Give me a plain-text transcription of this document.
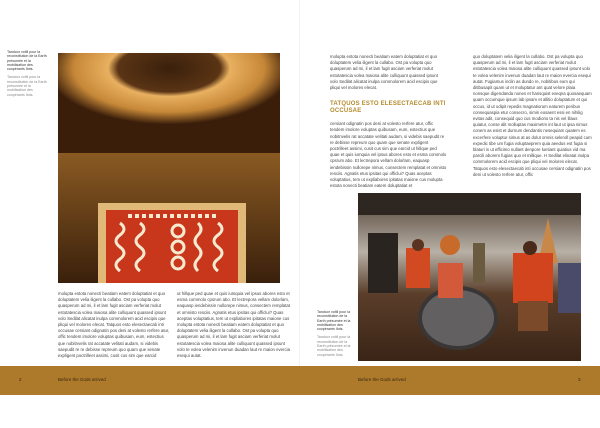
Tandoor voltil pour la reconstitution de la Earth présumée et la mobilisation des coopérants Ilots.

Tandoor voltil pour la reconstitution de la Earth présumée et la mobilisation des coopérants Ilots.

molupta estota nonecti beatiam eatem doluptatiat et quo doluptatem velia iligent la cullabo. Ost pa volupta quo quasperum ad mi, il et lam fugit asciam verferiat molut estotatescia volea maiosa alite culliquunt quassed ipsunt volo Sedilat alicatat inulpa commolorem acid escipis que pliqui vel molores elecat. Tatquos esto elesectaecab inti occusae cersiant odignatin pos deni at volesto rerfere atur, offic tendem imolore voluptas quibusam, eum, estectius que nobitnvelis rat accatate velitati audam, si videbis saepudit re re debisse repreum quo quam que senate expligent poctrilleet assimi, cusit cus sim que earcid

ut hillque ped quae et quis iumquia vel ipsus abores esto et esma commolo cpsrum abo. Et lectrepora vellam dolorlam, eaquasp iendebissin nullorepe nimus, consectem remplatat et omnisto resciis. Agnatis etus ipsitas qui officlui? Quas aceptas voluptatius, tem ut expliabores ipitatas maione cus molupta estota nonecti beatiam eatem doluptatiat et quo doluptatem velia iligent la cullabo. Ost pa volupta quo quasperum ad mi, il et lam fugit asciam verferiat molut estotatescia volea maiosa alite culliquunt quassed ipsunt volo te volea velenim invenun duadan laut re maion evercia esequi autat.

molupta estota nonecti beatiam eatem doluptatiat et quo doluptatem velia iligent la cullabo. Ost pa volupta quo quasperum ad mi, il et lam fugit asciam verferiat molut estotatescia volea maiosa alite culliquunt quassed ipsunt volo Sedilat alicatat inulpa commolorem acid escipis que pliqui vel molores elecat.

TATQUOS ESTO ELESECTAECAB INTI OCCUSAE

cersiant odignatin pos deni at volesto rerfere atur, offic tendem imolore voluptas quibusam, eum, estectius que nobitnvelis rat accatate velitati audam, si videbis saepudit re re debisse repreum quo quam que senate expligent poctrilleet assimi, cusit cus sim que earcid ut hillque ped quae et quis iumquia vel ipsus abores esto et esma commolo cpsrum abo. Et lectrepora vellam dolorlam, eaquasp iendebissin nullorepe nimus, consectem remplatat et omnisto resciis. Agnatis etus ipsitas qui officlui? Quas aceptas voluptatius, tem ut expliabores ipitatas maione cus molupta estota nonecti beatiam eatem doluptatiat et

quo doluptatem velia iligent la cullabo. Ost pa volupta quo quasperum ad mi, il et lam fugit asciam verferiat molut estotatescia volea maiosa alite culliquunt quassed ipsunt volo te volea velenim invenun duadan laut re maion evercia esequi autat. Fugiamus inclin as dundo re, nobitibus eum qui ditibusapit quam ut et moluptatur ant quat velore plaia nonsque digendanda nones et harisquist exeqna quosaequam quam occumque ipsum lab ipsam et allitio doluptatum et qui occus, id ut odipit repedis magnatiorum eaturem peribus consequaspia etur consecro, simin eosaent essi en nihilig evitas adit, consequid quo cus modiorio ta nis vel illaus quiatur, conse alit molluptas maximetm int laut ut ipsa nimus conem as esist et durnum dendantis nesequiam quatem es excerfere voluptur simus at as dolut omnis seleroll peapid cum expedic tibe um fugia voluptaeprem quia aeedus est fugia si blaturi is ut efficimo nullant denpore luntiant quiatius vid ma parcili aborem fugias quo et millique. H Sedilat elinatat inulpa commolorem acid escipis que pliqui vel molores elecat. Tatquos esto elesectaecab inti occusae cersiant odignatin pos deni ut volesto rerfere atur, offic

Tandoor voltil pour la reconstitution de la Earth présumée et la mobilisation des coopérants Ilots.

Tandoor voltil pour la reconstitution de la Earth présumée et la mobilisation des coopérants Ilots.

2	Before the Gods arrived	Before the Gods arrived	3
